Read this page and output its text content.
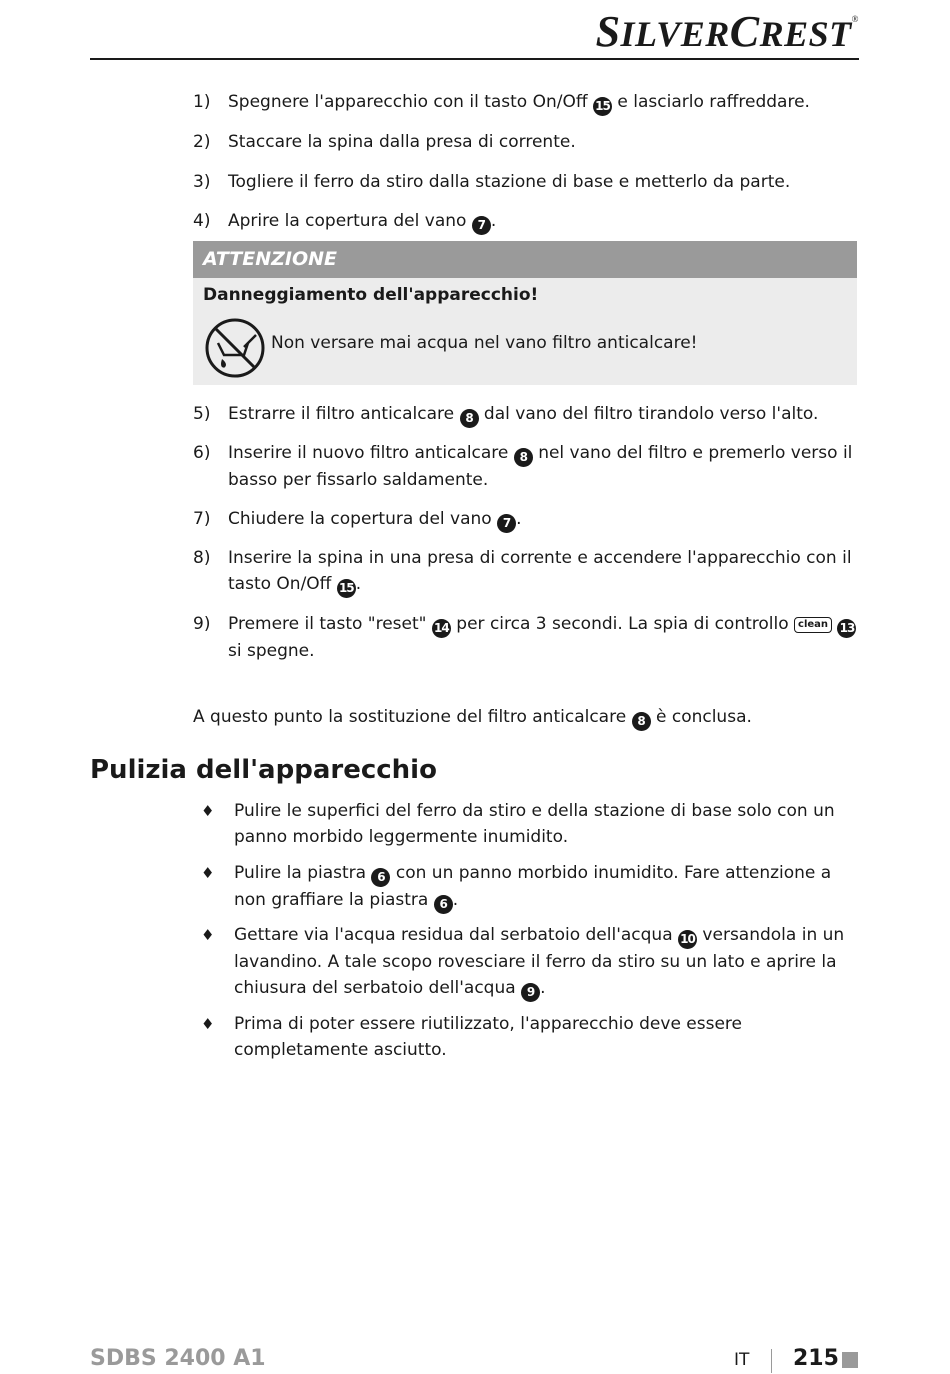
SILVERCREST®
1) Spegnere l'apparecchio con il tasto On/Off 15 e lasciarlo raffreddare.
2) Staccare la spina dalla presa di corrente.
3) Togliere il ferro da stiro dalla stazione di base e metterlo da parte.
4) Aprire la copertura del vano 7 .
ATTENZIONE
Danneggiamento dell'apparecchio!
Non versare mai acqua nel vano filtro anticalcare!
5) Estrarre il filtro anticalcare 8 dal vano del filtro tirandolo verso l'alto.
6) Inserire il nuovo filtro anticalcare 8 nel vano del filtro e premerlo verso il basso per fissarlo saldamente.
7) Chiudere la copertura del vano 7 .
8) Inserire la spina in una presa di corrente e accendere l'apparecchio con il tasto On/Off 15 .
9) Premere il tasto "reset" 14 per circa 3 secondi. La spia di controllo clean 13 si spegne.
A questo punto la sostituzione del filtro anticalcare 8 è conclusa.
Pulizia dell'apparecchio
♦ Pulire le superfici del ferro da stiro e della stazione di base solo con un panno morbido leggermente inumidito.
♦ Pulire la piastra 6 con un panno morbido inumidito. Fare attenzione a non graffiare la piastra 6 .
♦ Gettare via l'acqua residua dal serbatoio dell'acqua 10 versandola in un lavandino. A tale scopo rovesciare il ferro da stiro su un lato e aprire la chiusura del serbatoio dell'acqua 9 .
♦ Prima di poter essere riutilizzato, l'apparecchio deve essere completamente asciutto.
SDBS 2400 A1	IT 215
